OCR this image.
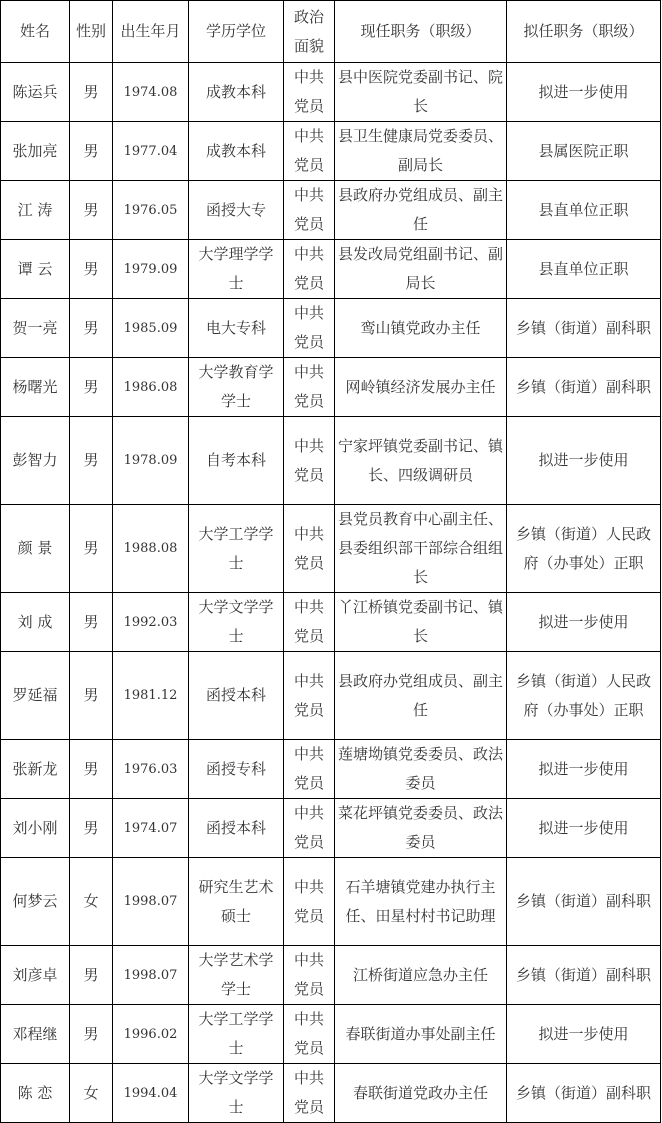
姓名	性别	出生年月	学历学位	政治面貌	现任职务（职级）	拟任职务（职级）
陈运兵	男	1974.08	成教本科	中共党员	县中医院党委副书记、院长	拟进一步使用
张加亮	男	1977.04	成教本科	中共党员	县卫生健康局党委委员、副局长	县属医院正职
江 涛	男	1976.05	函授大专	中共党员	县政府办党组成员、副主任	县直单位正职
谭 云	男	1979.09	大学理学学士	中共党员	县发改局党组副书记、副局长	县直单位正职
贺一亮	男	1985.09	电大专科	中共党员	鸾山镇党政办主任	乡镇（街道）副科职
杨曙光	男	1986.08	大学教育学学士	中共党员	网岭镇经济发展办主任	乡镇（街道）副科职
彭智力	男	1978.09	自考本科	中共党员	宁家坪镇党委副书记、镇长、四级调研员	拟进一步使用
颜 景	男	1988.08	大学工学学士	中共党员	县党员教育中心副主任、县委组织部干部综合组组长	乡镇（街道）人民政府（办事处）正职
刘 成	男	1992.03	大学文学学士	中共党员	丫江桥镇党委副书记、镇长	拟进一步使用
罗延福	男	1981.12	函授本科	中共党员	县政府办党组成员、副主任	乡镇（街道）人民政府（办事处）正职
张新龙	男	1976.03	函授专科	中共党员	莲塘坳镇党委委员、政法委员	拟进一步使用
刘小刚	男	1974.07	函授本科	中共党员	菜花坪镇党委委员、政法委员	拟进一步使用
何梦云	女	1998.07	研究生艺术硕士	中共党员	石羊塘镇党建办执行主任、田星村村书记助理	乡镇（街道）副科职
刘彦卓	男	1998.07	大学艺术学学士	中共党员	江桥街道应急办主任	乡镇（街道）副科职
邓程继	男	1996.02	大学工学学士	中共党员	春联街道办事处副主任	拟进一步使用
陈 恋	女	1994.04	大学文学学士	中共党员	春联街道党政办主任	乡镇（街道）副科职
